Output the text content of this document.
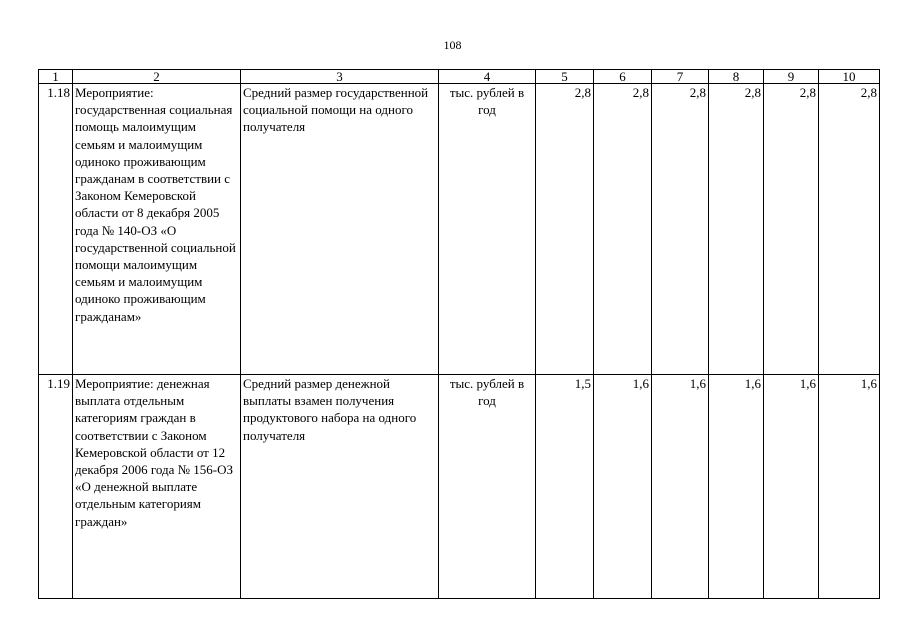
108
1	2	3	4	5	6	7	8	9	10
1.18	Мероприятие: государственная социальная помощь малоимущим семьям и малоимущим одиноко проживающим гражданам в соответствии с Законом Кемеровской области от 8 декабря 2005 года № 140-ОЗ «О государственной социальной помощи малоимущим семьям и малоимущим одиноко проживающим гражданам»	Средний размер государственной социальной помощи на одного получателя	тыс. рублей в год	2,8	2,8	2,8	2,8	2,8	2,8
1.19	Мероприятие: денежная выплата отдельным категориям граждан в соответствии с Законом Кемеровской области от 12 декабря 2006 года № 156-ОЗ «О денежной выплате отдельным категориям граждан»	Средний размер денежной выплаты взамен получения продуктового набора на одного получателя	тыс. рублей в год	1,5	1,6	1,6	1,6	1,6	1,6
